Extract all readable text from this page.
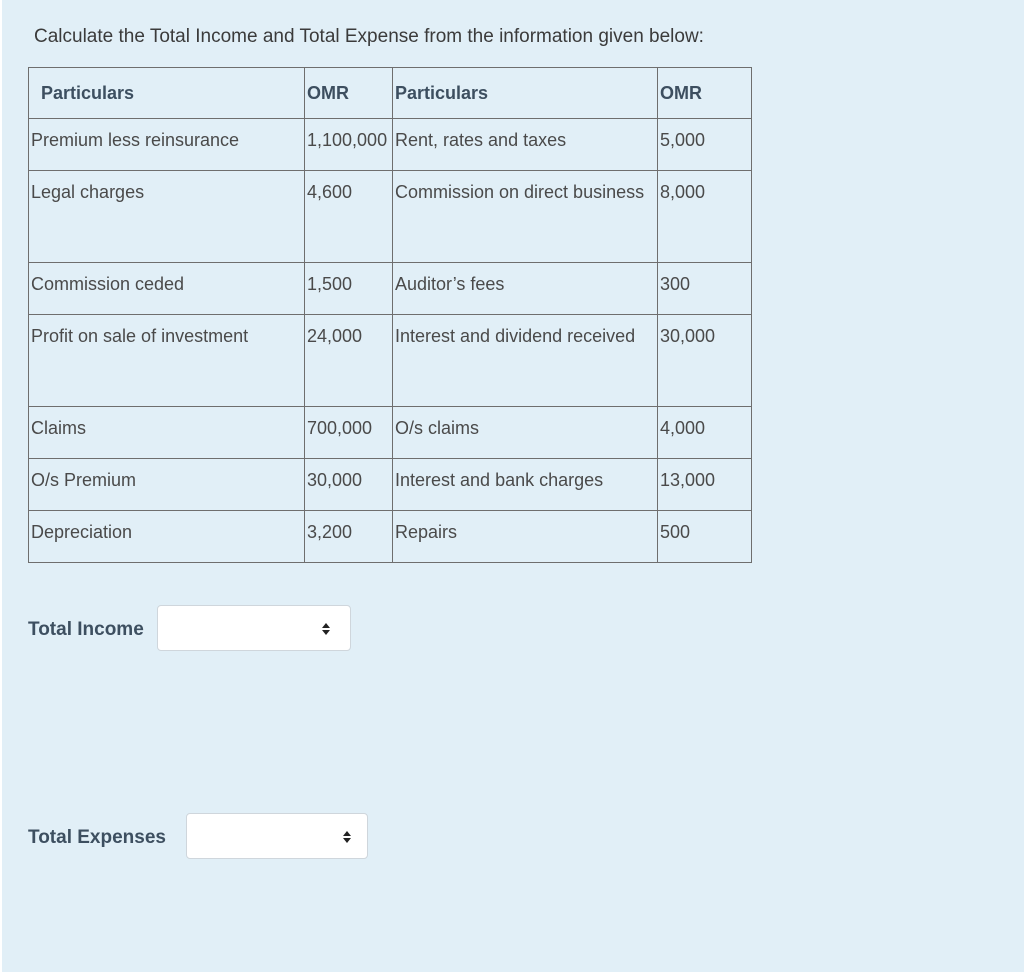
Calculate the Total Income and Total Expense from the information given below:
Particulars	OMR	Particulars	OMR
Premium less reinsurance	1,100,000	Rent, rates and taxes	5,000
Legal charges	4,600	Commission on direct business	8,000
Commission ceded	1,500	Auditor’s fees	300
Profit on sale of investment	24,000	Interest and dividend received	30,000
Claims	700,000	O/s claims	4,000
O/s Premium	30,000	Interest and bank charges	13,000
Depreciation	3,200	Repairs	500
Total Income
Total Expenses
